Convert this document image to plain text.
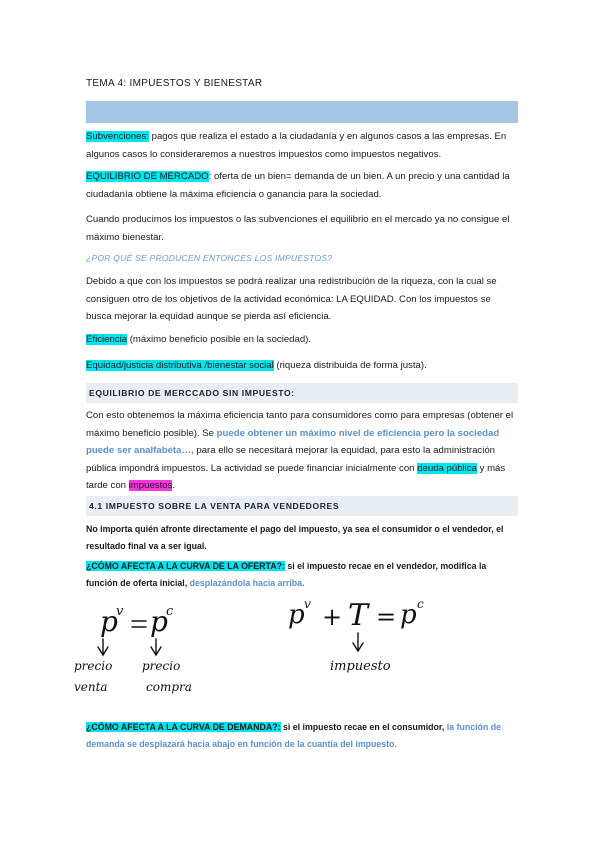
TEMA 4: IMPUESTOS Y BIENESTAR
Subvenciones: pagos que realiza el estado a la ciudadanía y en algunos casos a las empresas. En algunos casos lo consideraremos a nuestros impuestos como impuestos negativos.
EQUILIBRIO DE MERCADO: oferta de un bien= demanda de un bien. A un precio y una cantidad la ciudadanía obtiene la máxima eficiencia o ganancia para la sociedad.
Cuando producimos los impuestos o las subvenciones el equilibrio en el mercado ya no consigue el máximo bienestar.
¿POR QUÉ SE PRODUCEN ENTONCES LOS IMPUESTOS?
Debido a que con los impuestos se podrá realizar una redistribución de la riqueza, con la cual se consiguen otro de los objetivos de la actividad económica: LA EQUIDAD. Con los impuestos se busca mejorar la equidad aunque se pierda así eficiencia.
Eficiencia (máximo beneficio posible en la sociedad).
Equidad/justicia distributiva /bienestar social (riqueza distribuida de forma justa).
EQUILIBRIO DE MERCCADO SIN IMPUESTO:
Con esto obtenemos la máxima eficiencia tanto para consumidores como para empresas (obtener el máximo beneficio posible). Se puede obtener un máximo nivel de eficiencia pero la sociedad puede ser analfabeta…, para ello se necesitará mejorar la equidad, para esto la administración pública impondrá impuestos. La actividad se puede financiar inicialmente con deuda pública y más tarde con impuestos.
4.1 IMPUESTO SOBRE LA VENTA PARA VENDEDORES
No importa quién afronte directamente el pago del impuesto, ya sea el consumidor o el vendedor, el resultado final va a ser igual.
¿CÓMO AFECTA A LA CURVA DE LA OFERTA?: si el impuesto recae en el vendedor, modifica la función de oferta inicial, desplazándola hacia arriba.
p
v p
c
precio
venta
precio
compra
p v + T = p c
impuesto
¿CÓMO AFECTA A LA CURVA DE DEMANDA?: si el impuesto recae en el consumidor, la función de demanda se desplazará hacia abajo en función de la cuantía del impuesto.
